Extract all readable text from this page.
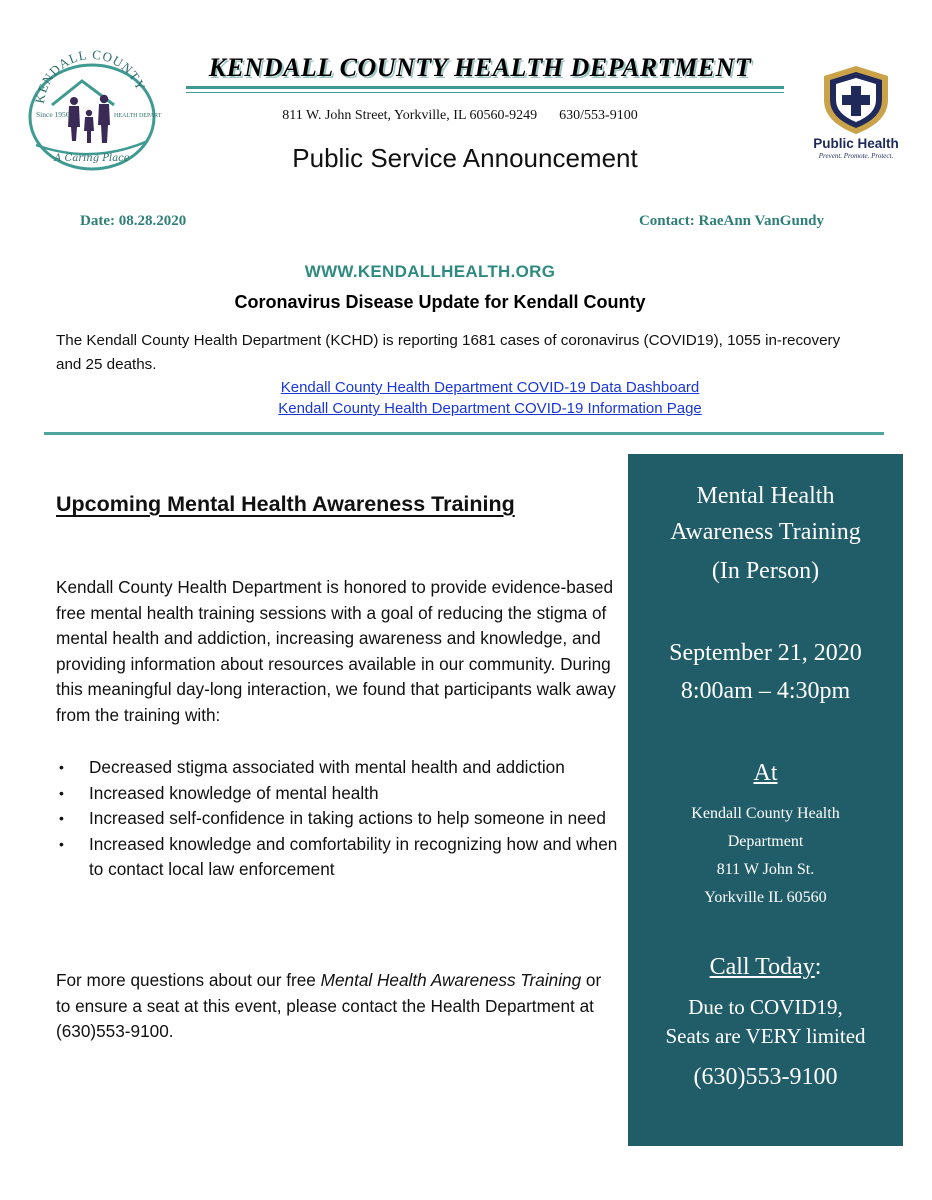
KENDALL COUNTY
Since 1956	HEALTH DEPART
A Caring Place
Public Health
Prevent. Promote. Protect.
KENDALL COUNTY HEALTH DEPARTMENT
811 W. John Street, Yorkville, IL 60560-9249 630/553-9100
Public Service Announcement
Date: 08.28.2020	Contact: RaeAnn VanGundy
WWW.KENDALLHEALTH.ORG
Coronavirus Disease Update for Kendall County
The Kendall County Health Department (KCHD) is reporting 1681 cases of coronavirus (COVID19), 1055 in-recovery and 25 deaths.
Kendall County Health Department COVID-19 Data Dashboard
Kendall County Health Department COVID-19 Information Page
Upcoming Mental Health Awareness Training
Kendall County Health Department is honored to provide evidence-based free mental health training sessions with a goal of reducing the stigma of mental health and addiction, increasing awareness and knowledge, and providing information about resources available in our community. During this meaningful day-long interaction, we found that participants walk away from the training with:
• Decreased stigma associated with mental health and addiction
• Increased knowledge of mental health
• Increased self-confidence in taking actions to help someone in need
• Increased knowledge and comfortability in recognizing how and when to contact local law enforcement
For more questions about our free Mental Health Awareness Training or to ensure a seat at this event, please contact the Health Department at (630)553-9100.
Mental Health
Awareness Training
(In Person)
September 21, 2020
8:00am – 4:30pm
At
Kendall County Health
Department
811 W John St.
Yorkville IL 60560
Call Today:
Due to COVID19,
Seats are VERY limited
(630)553-9100
